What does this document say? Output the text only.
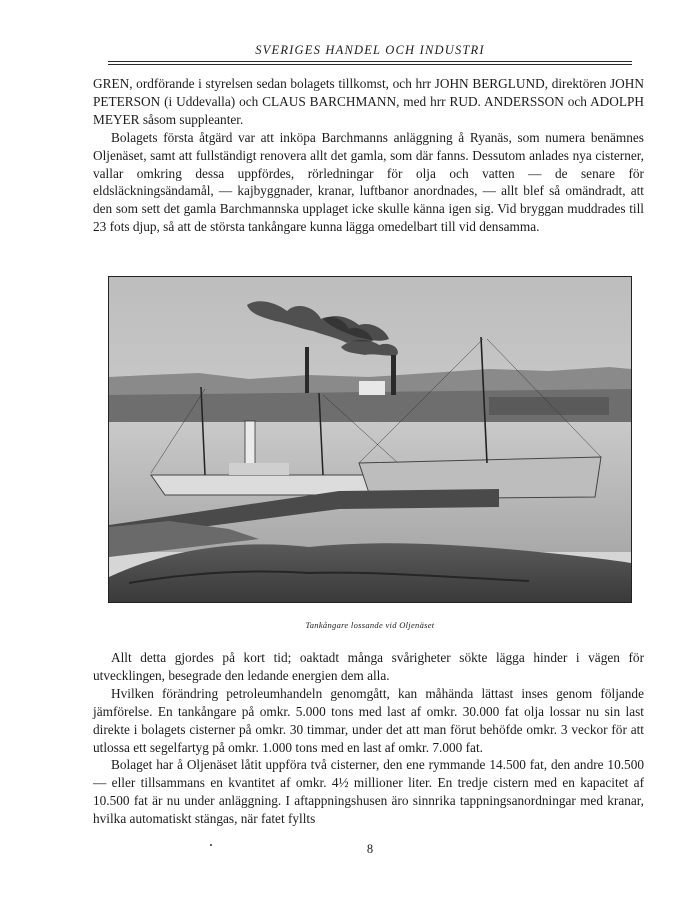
SVERIGES HANDEL OCH INDUSTRI

GREN, ordförande i styrelsen sedan bolagets tillkomst, och hrr JOHN BERGLUND, direktören JOHN PETERSON (i Uddevalla) och CLAUS BARCHMANN, med hrr RUD. ANDERSSON och ADOLPH MEYER såsom suppleanter.

Bolagets första åtgärd var att inköpa Barchmanns anläggning å Ryanäs, som numera benämnes Oljenäset, samt att fullständigt renovera allt det gamla, som där fanns. Dessutom anlades nya cisterner, vallar omkring dessa uppfördes, rörledningar för olja och vatten — de senare för eldsläckningsändamål, — kajbyggnader, kranar, luftbanor anordnades, — allt blef så omändradt, att den som sett det gamla Barchmannska upplaget icke skulle känna igen sig. Vid bryggan muddrades till 23 fots djup, så att de största tankångare kunna lägga omedelbart till vid densamma.

Tankångare lossande vid Oljenäset

Allt detta gjordes på kort tid; oaktadt många svårigheter sökte lägga hinder i vägen för utvecklingen, besegrade den ledande energien dem alla.

Hvilken förändring petroleumhandeln genomgått, kan måhända lättast inses genom följande jämförelse. En tankångare på omkr. 5.000 tons med last af omkr. 30.000 fat olja lossar nu sin last direkte i bolagets cisterner på omkr. 30 timmar, under det att man förut behöfde omkr. 3 veckor för att utlossa ett segelfartyg på omkr. 1.000 tons med en last af omkr. 7.000 fat.

Bolaget har å Oljenäset låtit uppföra två cisterner, den ene rymmande 14.500 fat, den andre 10.500 — eller tillsammans en kvantitet af omkr. 4½ millioner liter. En tredje cistern med en kapacitet af 10.500 fat är nu under anläggning. I aftappningshusen äro sinnrika tappningsanordningar med kranar, hvilka automatiskt stängas, när fatet fyllts

8
